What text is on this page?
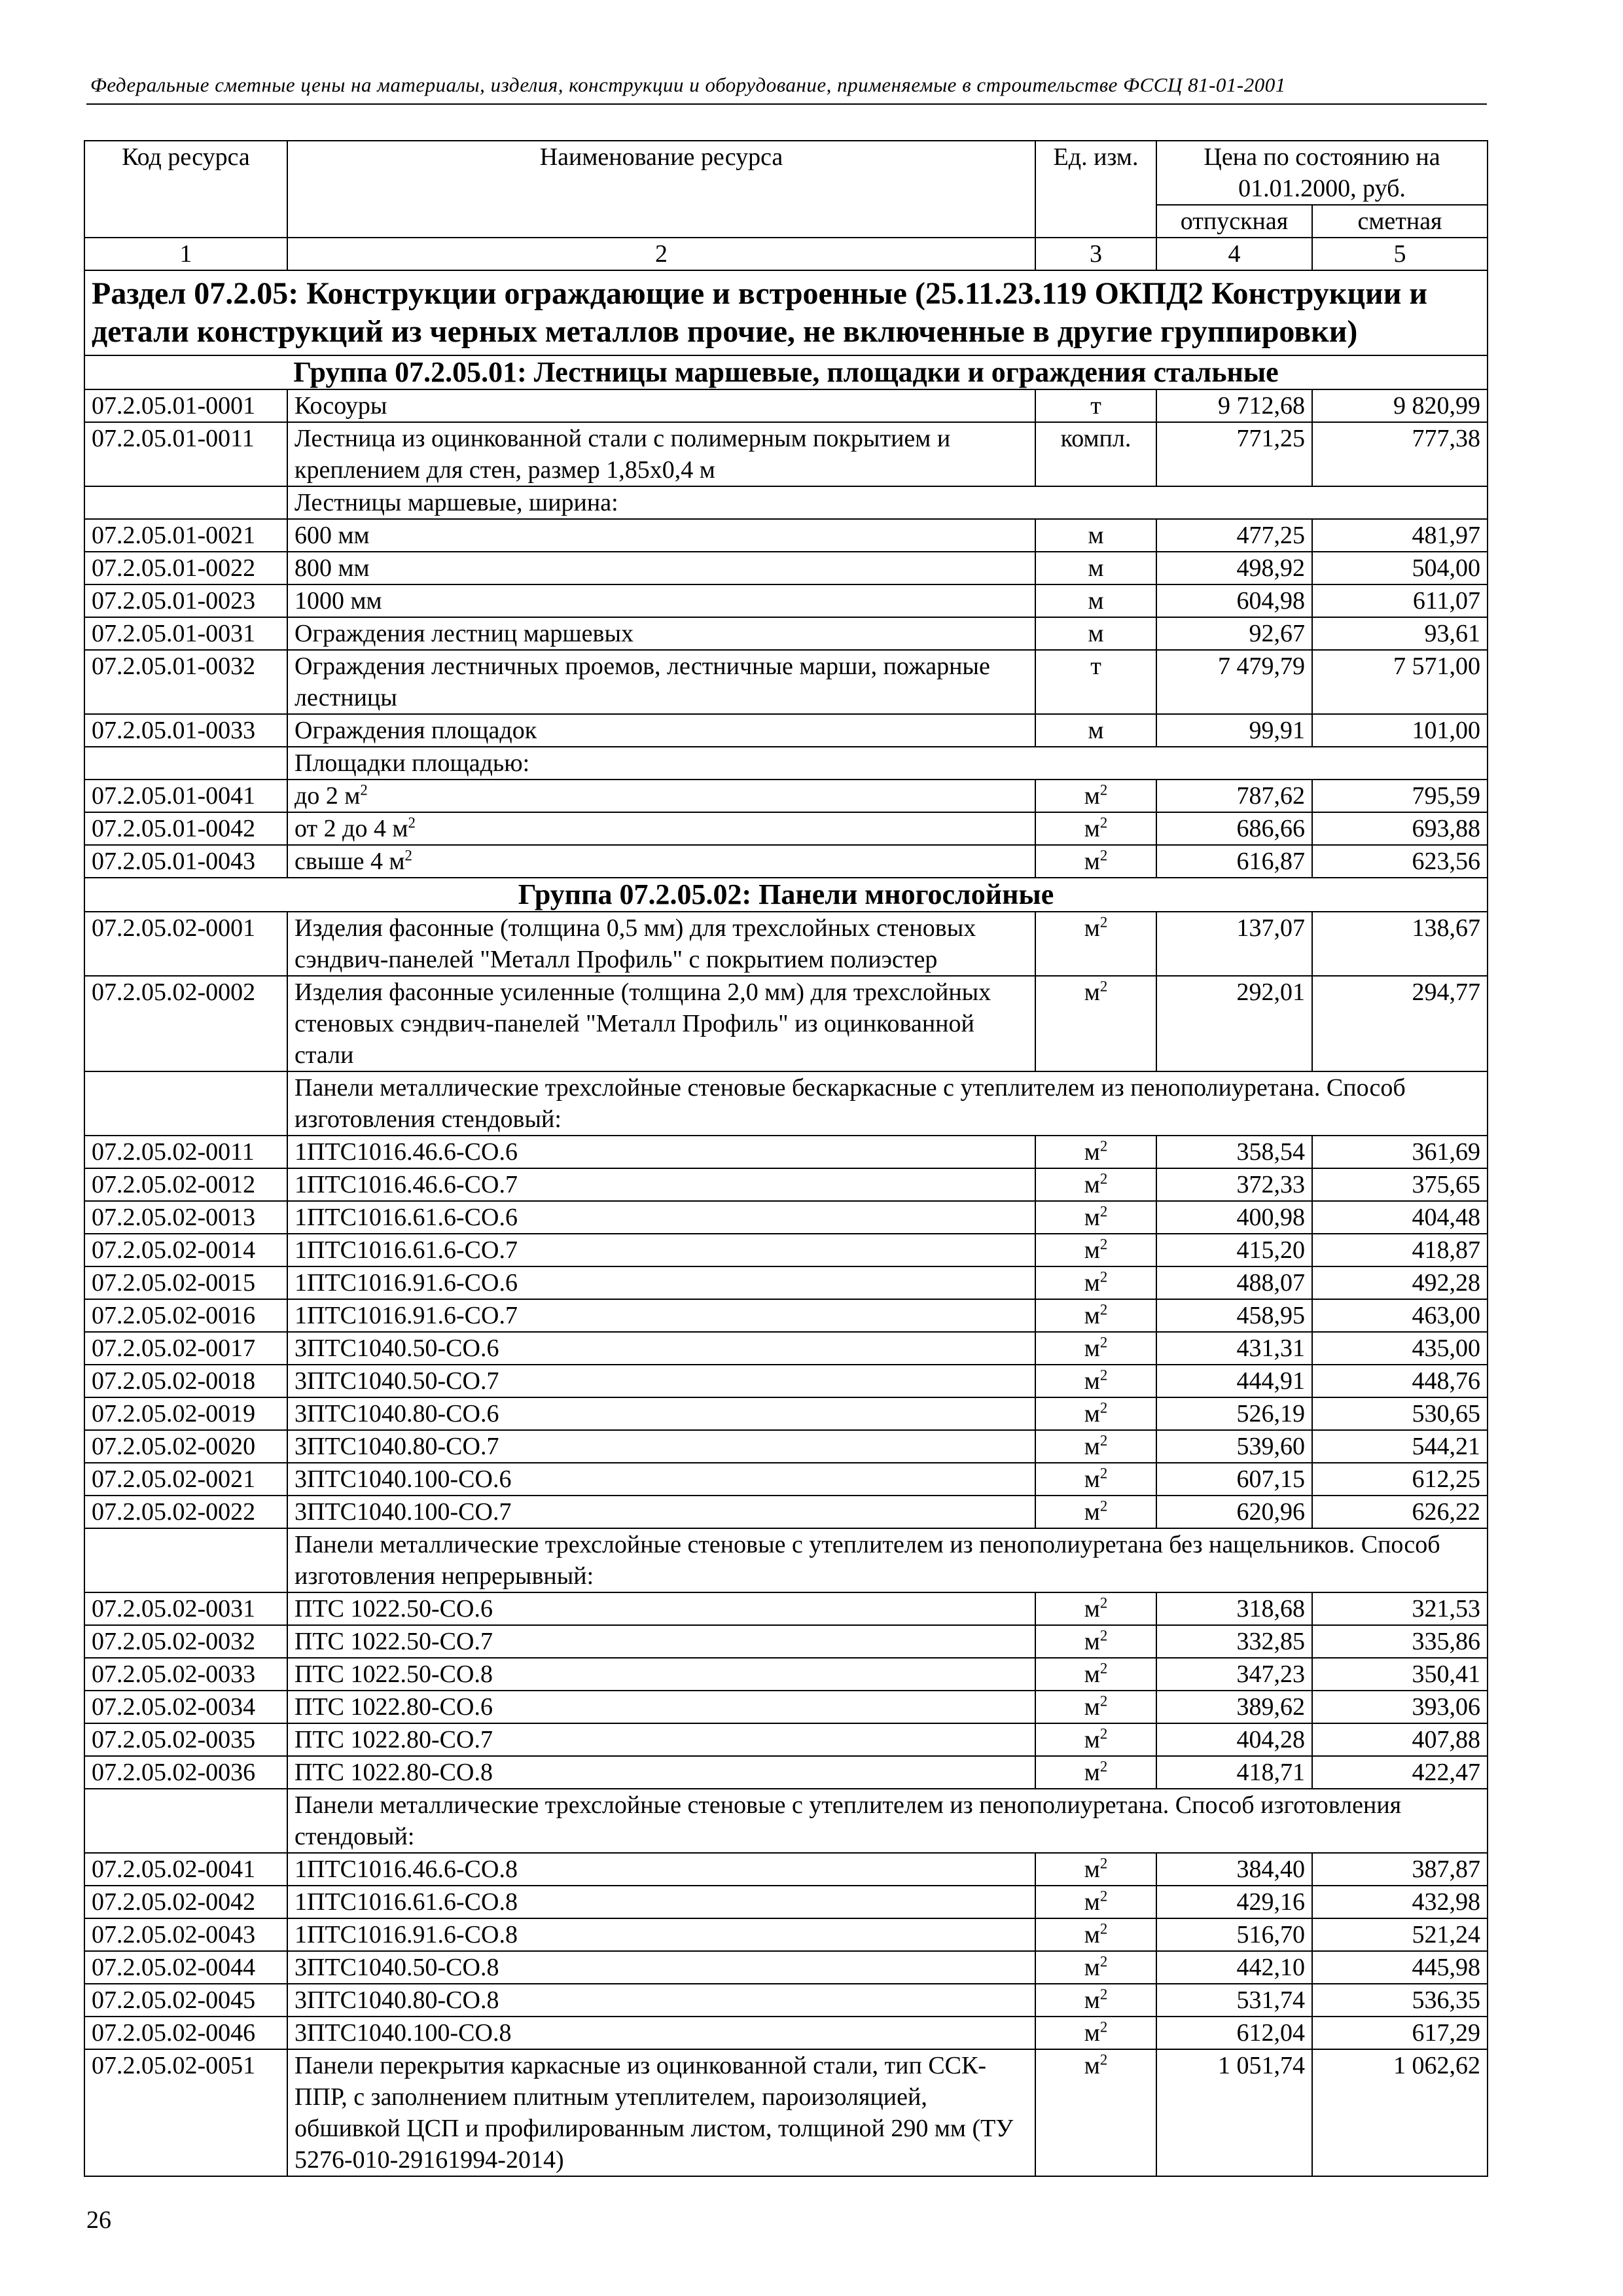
Федеральные сметные цены на материалы, изделия, конструкции и оборудование, применяемые в строительстве ФССЦ 81-01-2001
Код ресурса	Наименование ресурса	Ед. изм.	Цена по состоянию на 01.01.2000, руб.	
			отпускная	сметная
1	2	3	4	5
Раздел 07.2.05: Конструкции ограждающие и встроенные (25.11.23.119 ОКПД2 Конструкции и детали конструкций из черных металлов прочие, не включенные в другие группировки)				
Группа 07.2.05.01: Лестницы маршевые, площадки и ограждения стальные				
07.2.05.01-0001	Косоуры	т	9 712,68	9 820,99
07.2.05.01-0011	Лестница из оцинкованной стали с полимерным покрытием и креплением для стен, размер 1,85х0,4 м	компл.	771,25	777,38
	Лестницы маршевые, ширина:			
07.2.05.01-0021	600 мм	м	477,25	481,97
07.2.05.01-0022	800 мм	м	498,92	504,00
07.2.05.01-0023	1000 мм	м	604,98	611,07
07.2.05.01-0031	Ограждения лестниц маршевых	м	92,67	93,61
07.2.05.01-0032	Ограждения лестничных проемов, лестничные марши, пожарные лестницы	т	7 479,79	7 571,00
07.2.05.01-0033	Ограждения площадок	м	99,91	101,00
	Площадки площадью:			
07.2.05.01-0041	до 2 $м^2$	$м^2$	787,62	795,59
07.2.05.01-0042	от 2 до 4 $м^2$	$м^2$	686,66	693,88
07.2.05.01-0043	свыше 4 $м^2$	$м^2$	616,87	623,56
Группа 07.2.05.02: Панели многослойные				
07.2.05.02-0001	Изделия фасонные (толщина 0,5 мм) для трехслойных стеновых сэндвич-панелей "Металл Профиль" с покрытием полиэстер	$м^2$	137,07	138,67
07.2.05.02-0002	Изделия фасонные усиленные (толщина 2,0 мм) для трехслойных стеновых сэндвич-панелей "Металл Профиль" из оцинкованной стали	$м^2$	292,01	294,77
	Панели металлические трехслойные стеновые бескаркасные с утеплителем из пенополиуретана. Способ изготовления стендовый:			
07.2.05.02-0011	1ПТС1016.46.6-СО.6	$м^2$	358,54	361,69
07.2.05.02-0012	1ПТС1016.46.6-СО.7	$м^2$	372,33	375,65
07.2.05.02-0013	1ПТС1016.61.6-СО.6	$м^2$	400,98	404,48
07.2.05.02-0014	1ПТС1016.61.6-СО.7	$м^2$	415,20	418,87
07.2.05.02-0015	1ПТС1016.91.6-СО.6	$м^2$	488,07	492,28
07.2.05.02-0016	1ПТС1016.91.6-СО.7	$м^2$	458,95	463,00
07.2.05.02-0017	3ПТС1040.50-СО.6	$м^2$	431,31	435,00
07.2.05.02-0018	3ПТС1040.50-СО.7	$м^2$	444,91	448,76
07.2.05.02-0019	3ПТС1040.80-СО.6	$м^2$	526,19	530,65
07.2.05.02-0020	3ПТС1040.80-СО.7	$м^2$	539,60	544,21
07.2.05.02-0021	3ПТС1040.100-СО.6	$м^2$	607,15	612,25
07.2.05.02-0022	3ПТС1040.100-СО.7	$м^2$	620,96	626,22
	Панели металлические трехслойные стеновые с утеплителем из пенополиуретана без нащельников. Способ изготовления непрерывный:			
07.2.05.02-0031	ПТС 1022.50-СО.6	$м^2$	318,68	321,53
07.2.05.02-0032	ПТС 1022.50-СО.7	$м^2$	332,85	335,86
07.2.05.02-0033	ПТС 1022.50-СО.8	$м^2$	347,23	350,41
07.2.05.02-0034	ПТС 1022.80-СО.6	$м^2$	389,62	393,06
07.2.05.02-0035	ПТС 1022.80-СО.7	$м^2$	404,28	407,88
07.2.05.02-0036	ПТС 1022.80-СО.8	$м^2$	418,71	422,47
	Панели металлические трехслойные стеновые с утеплителем из пенополиуретана. Способ изготовления стендовый:			
07.2.05.02-0041	1ПТС1016.46.6-СО.8	$м^2$	384,40	387,87
07.2.05.02-0042	1ПТС1016.61.6-СО.8	$м^2$	429,16	432,98
07.2.05.02-0043	1ПТС1016.91.6-СО.8	$м^2$	516,70	521,24
07.2.05.02-0044	3ПТС1040.50-СО.8	$м^2$	442,10	445,98
07.2.05.02-0045	3ПТС1040.80-СО.8	$м^2$	531,74	536,35
07.2.05.02-0046	3ПТС1040.100-СО.8	$м^2$	612,04	617,29
07.2.05.02-0051	Панели перекрытия каркасные из оцинкованной стали, тип ССК-ППР, с заполнением плитным утеплителем, пароизоляцией, обшивкой ЦСП и профилированным листом, толщиной 290 мм (ТУ 5276-010-29161994-2014)	$м^2$	1 051,74	1 062,62
26
